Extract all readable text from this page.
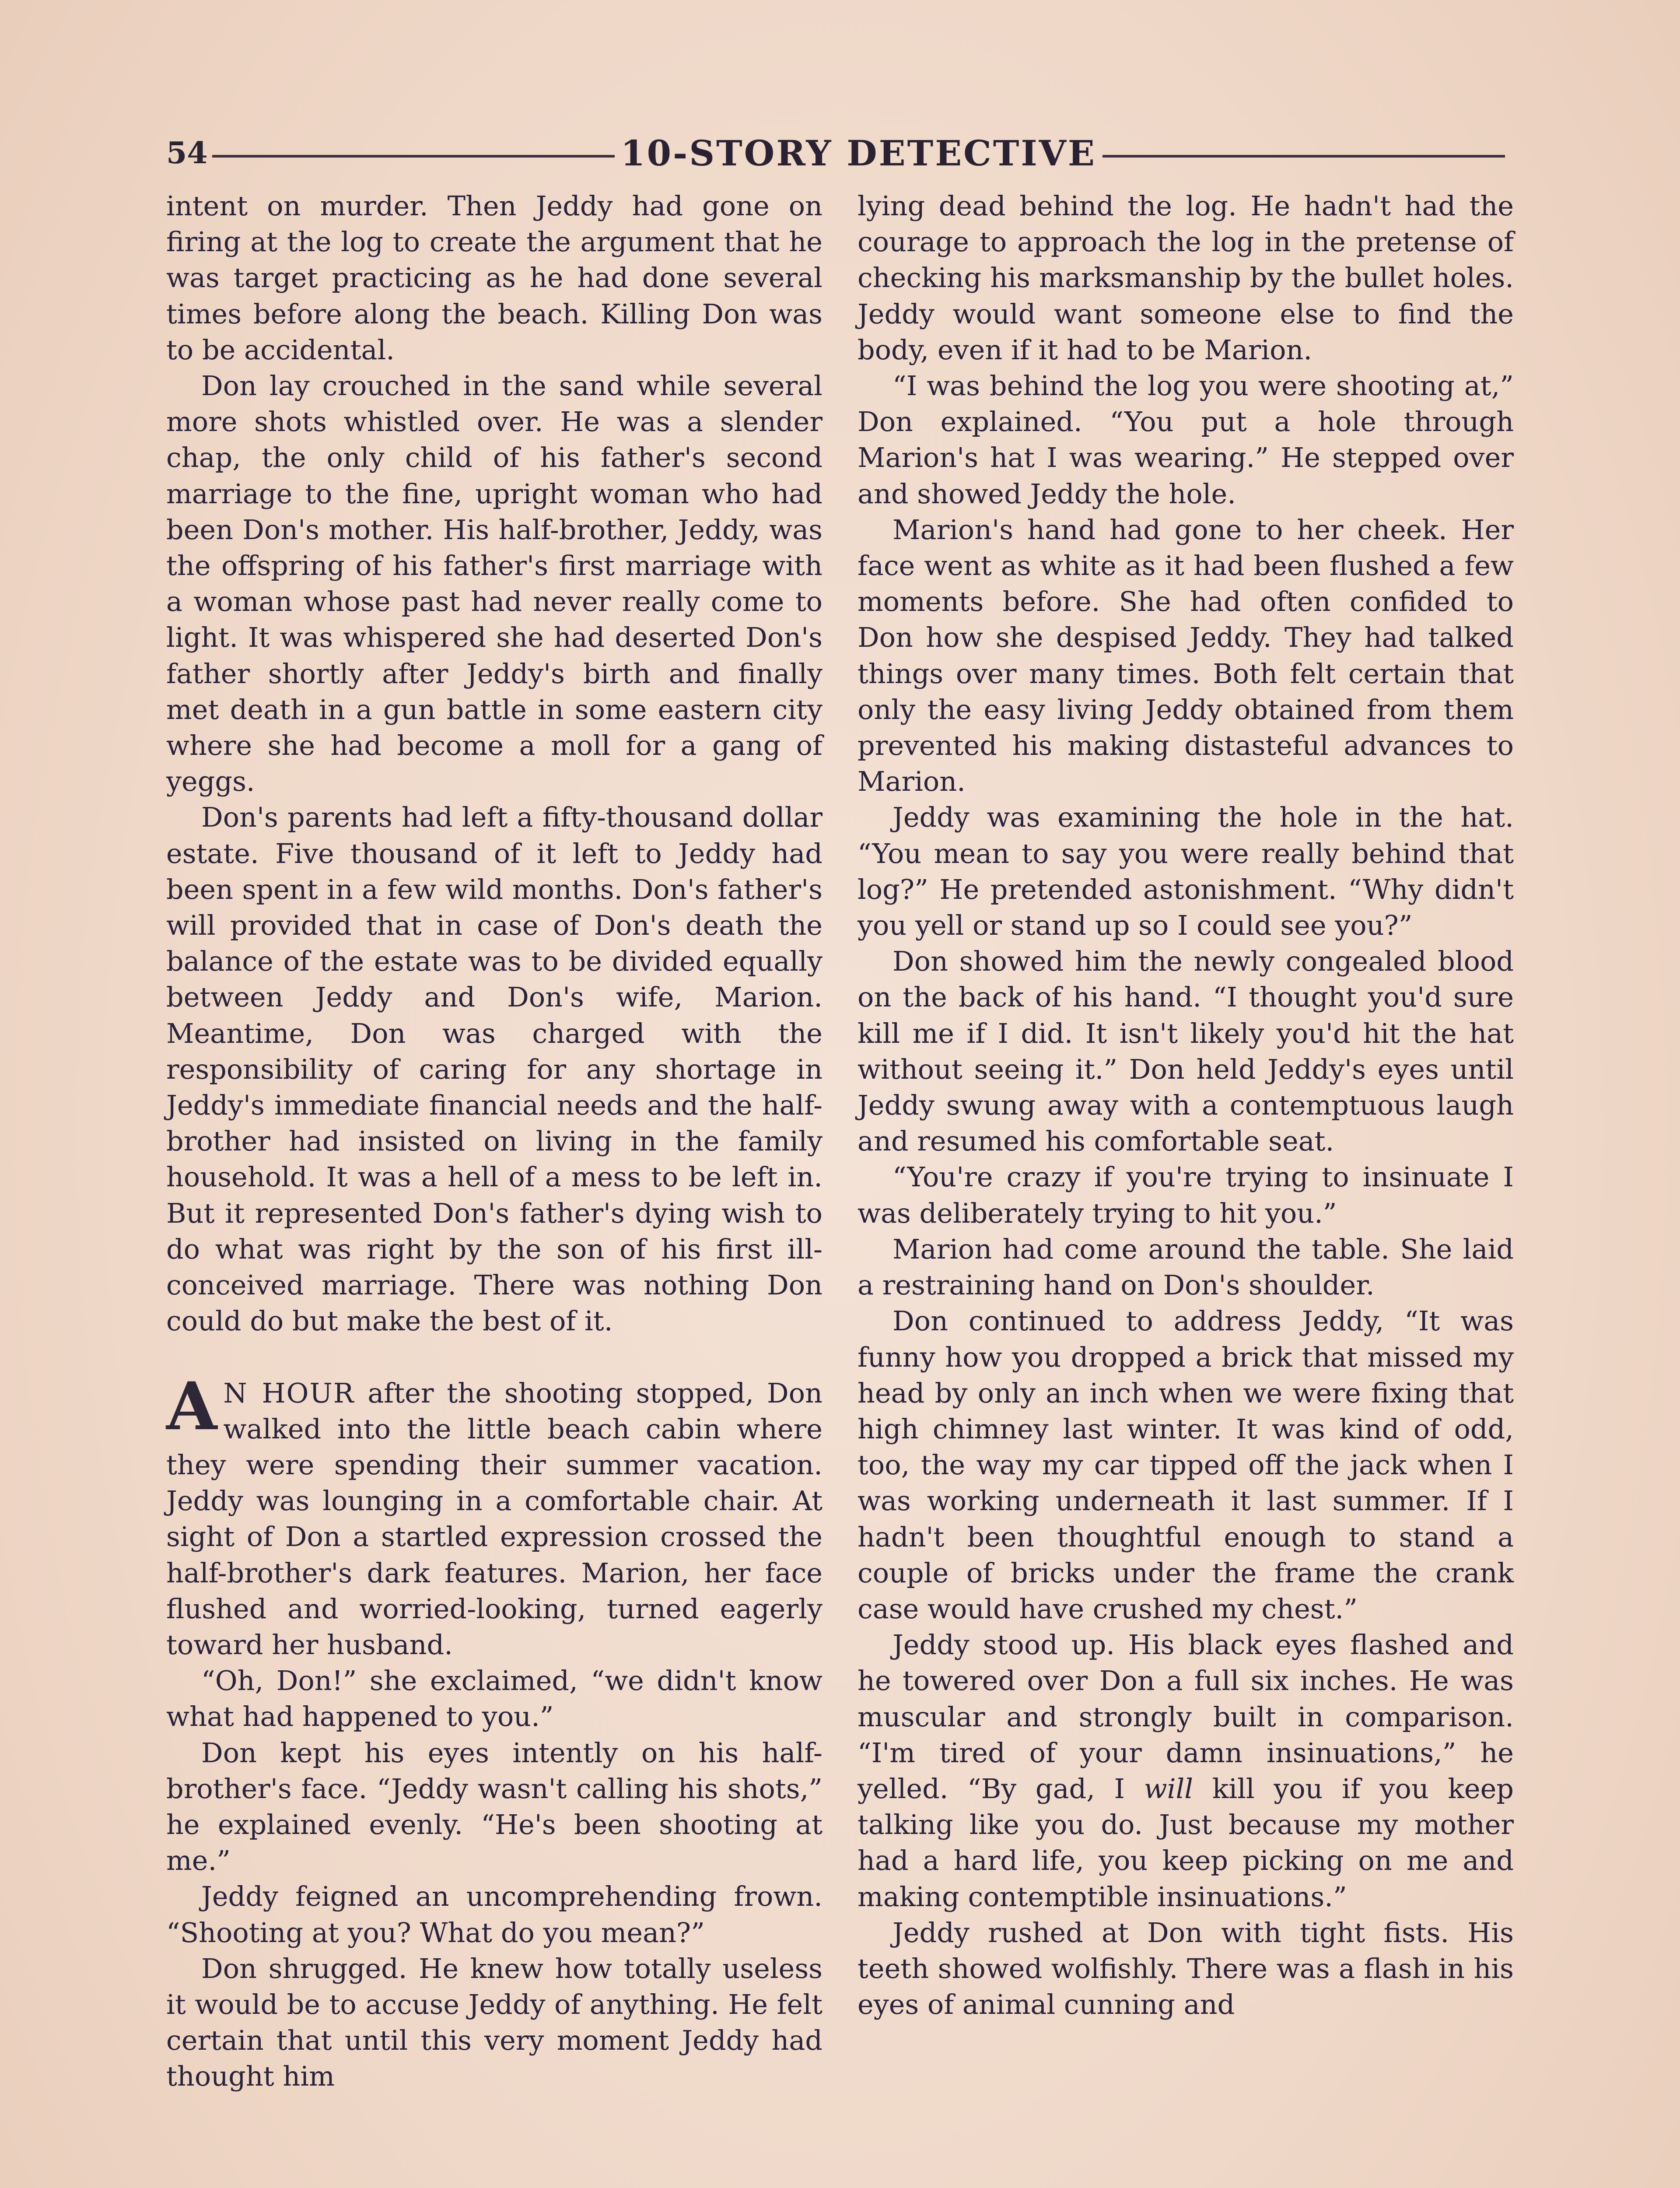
54	10-STORY DETECTIVE

intent on murder. Then Jeddy had gone on firing at the log to create the argument that he was target practicing as he had done several times before along the beach. Killing Don was to be accidental.

Don lay crouched in the sand while several more shots whistled over. He was a slender chap, the only child of his father's second marriage to the fine, upright woman who had been Don's mother. His half-brother, Jeddy, was the offspring of his father's first marriage with a woman whose past had never really come to light. It was whispered she had deserted Don's father shortly after Jeddy's birth and finally met death in a gun battle in some eastern city where she had become a moll for a gang of yeggs.

Don's parents had left a fifty-thousand dollar estate. Five thousand of it left to Jeddy had been spent in a few wild months. Don's father's will provided that in case of Don's death the balance of the estate was to be divided equally between Jeddy and Don's wife, Marion. Meantime, Don was charged with the responsibility of caring for any shortage in Jeddy's immediate financial needs and the half-brother had insisted on living in the family household. It was a hell of a mess to be left in. But it represented Don's father's dying wish to do what was right by the son of his first ill-conceived marriage. There was nothing Don could do but make the best of it.

A N HOUR after the shooting stopped, Don walked into the little beach cabin where they were spending their summer vacation. Jeddy was lounging in a comfortable chair. At sight of Don a startled expression crossed the half-brother's dark features. Marion, her face flushed and worried-looking, turned eagerly toward her husband.

“Oh, Don!” she exclaimed, “we didn't know what had happened to you.”

Don kept his eyes intently on his half-brother's face. “Jeddy wasn't calling his shots,” he explained evenly. “He's been shooting at me.”

Jeddy feigned an uncomprehending frown. “Shooting at you? What do you mean?”

Don shrugged. He knew how totally useless it would be to accuse Jeddy of anything. He felt certain that until this very moment Jeddy had thought him

lying dead behind the log. He hadn't had the courage to approach the log in the pretense of checking his marksmanship by the bullet holes. Jeddy would want someone else to find the body, even if it had to be Marion.

“I was behind the log you were shooting at,” Don explained. “You put a hole through Marion's hat I was wearing.” He stepped over and showed Jeddy the hole.

Marion's hand had gone to her cheek. Her face went as white as it had been flushed a few moments before. She had often confided to Don how she despised Jeddy. They had talked things over many times. Both felt certain that only the easy living Jeddy obtained from them prevented his making distasteful advances to Marion.

Jeddy was examining the hole in the hat. “You mean to say you were really behind that log?” He pretended astonishment. “Why didn't you yell or stand up so I could see you?”

Don showed him the newly congealed blood on the back of his hand. “I thought you'd sure kill me if I did. It isn't likely you'd hit the hat without seeing it.” Don held Jeddy's eyes until Jeddy swung away with a contemptuous laugh and resumed his comfortable seat.

“You're crazy if you're trying to insinuate I was deliberately trying to hit you.”

Marion had come around the table. She laid a restraining hand on Don's shoulder.

Don continued to address Jeddy, “It was funny how you dropped a brick that missed my head by only an inch when we were fixing that high chimney last winter. It was kind of odd, too, the way my car tipped off the jack when I was working underneath it last summer. If I hadn't been thoughtful enough to stand a couple of bricks under the frame the crank case would have crushed my chest.”

Jeddy stood up. His black eyes flashed and he towered over Don a full six inches. He was muscular and strongly built in comparison. “I'm tired of your damn insinuations,” he yelled. “By gad, I will kill you if you keep talking like you do. Just because my mother had a hard life, you keep picking on me and making contemptible insinuations.”

Jeddy rushed at Don with tight fists. His teeth showed wolfishly. There was a flash in his eyes of animal cunning and
